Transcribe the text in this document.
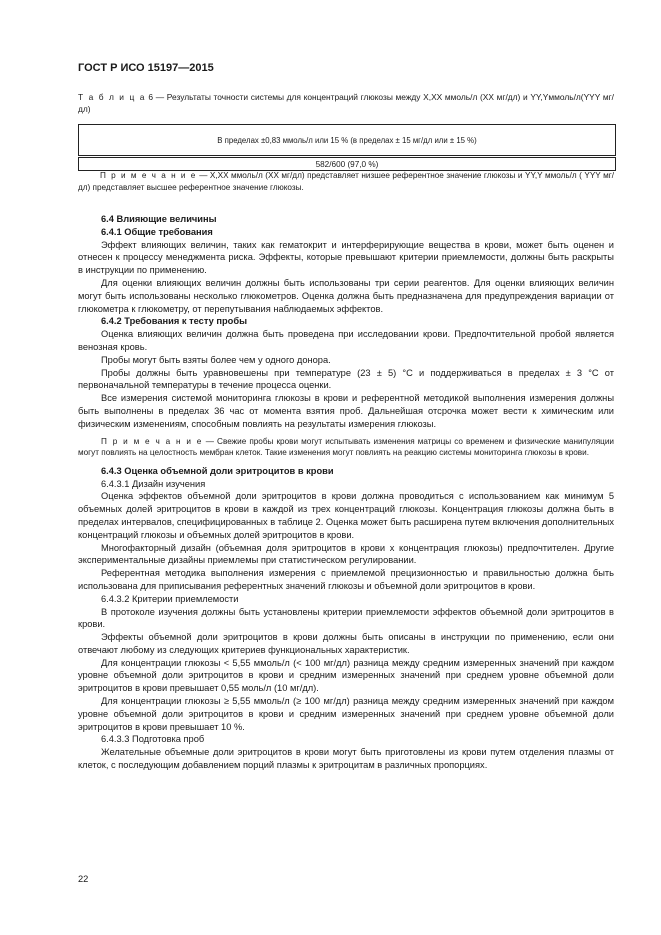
ГОСТ Р ИСО 15197—2015
Т а б л и ц а 6 — Результаты точности системы для концентраций глюкозы между X,XX ммоль/л (XX мг/дл) и YY,Yммоль/л(YYY мг/дл)
В пределах ±0,83 ммоль/л или 15 % (в пределах ± 15 мг/дл или ± 15 %)
582/600 (97,0 %)
П р и м е ч а н и е — X,XX ммоль/л (XX мг/дл) представляет низшее референтное значение глюкозы и YY,Y ммоль/л ( YYY мг/дл) представляет высшее референтное значение глюкозы.

6.4 Влияющие величины

6.4.1 Общие требования

Эффект влияющих величин, таких как гематокрит и интерферирующие вещества в крови, может быть оценен и отнесен к процессу менеджмента риска. Эффекты, которые превышают критерии приемлемости, должны быть раскрыты в инструкции по применению.

Для оценки влияющих величин должны быть использованы три серии реагентов. Для оценки влияющих величин могут быть использованы несколько глюкометров. Оценка должна быть предназначена для предупреждения вариации от глюкометра к глюкометру, от перепутывания наблюдаемых эффектов.

6.4.2 Требования к тесту пробы

Оценка влияющих величин должна быть проведена при исследовании крови. Предпочтительной пробой является венозная кровь.

Пробы могут быть взяты более чем у одного донора.

Пробы должны быть уравновешены при температуре (23 ± 5) °С и поддерживаться в пределах ± 3 °С от первоначальной температуры в течение процесса оценки.

Все измерения системой мониторинга глюкозы в крови и референтной методикой выполнения измерения должны быть выполнены в пределах 36 час от момента взятия проб. Дальнейшая отсрочка может вести к химическим или физическим изменениям, способным повлиять на результаты измерения глюкозы.

П р и м е ч а н и е — Свежие пробы крови могут испытывать изменения матрицы со временем и физические манипуляции могут повлиять на целостность мембран клеток. Такие изменения могут повлиять на реакцию системы мониторинга глюкозы в крови.

6.4.3 Оценка объемной доли эритроцитов в крови

6.4.3.1 Дизайн изучения

Оценка эффектов объемной доли эритроцитов в крови должна проводиться с использованием как минимум 5 объемных долей эритроцитов в крови в каждой из трех концентраций глюкозы. Концентрация глюкозы должна быть в пределах интервалов, специфицированных в таблице 2. Оценка может быть расширена путем включения дополнительных концентраций глюкозы и объемных долей эритроцитов в крови.

Многофакторный дизайн (объемная доля эритроцитов в крови х концентрация глюкозы) предпочтителен. Другие экспериментальные дизайны приемлемы при статистическом регулировании.

Референтная методика выполнения измерения с приемлемой прецизионностью и правильностью должна быть использована для приписывания референтных значений глюкозы и объемной доли эритроцитов в крови.

6.4.3.2 Критерии приемлемости

В протоколе изучения должны быть установлены критерии приемлемости эффектов объемной доли эритроцитов в крови.

Эффекты объемной доли эритроцитов в крови должны быть описаны в инструкции по применению, если они отвечают любому из следующих критериев функциональных характеристик.

Для концентрации глюкозы < 5,55 ммоль/л (< 100 мг/дл) разница между средним измеренных значений при каждом уровне объемной доли эритроцитов в крови и средним измеренных значений при среднем уровне объемной доли эритроцитов в крови превышает 0,55 моль/л (10 мг/дл).

Для концентрации глюкозы ≥ 5,55 ммоль/л (≥ 100 мг/дл) разница между средним измеренных значений при каждом уровне объемной доли эритроцитов в крови и средним измеренных значений при среднем уровне объемной доли эритроцитов в крови превышает 10 %.

6.4.3.3 Подготовка проб

Желательные объемные доли эритроцитов в крови могут быть приготовлены из крови путем отделения плазмы от клеток, с последующим добавлением порций плазмы к эритроцитам в различных пропорциях.

22
